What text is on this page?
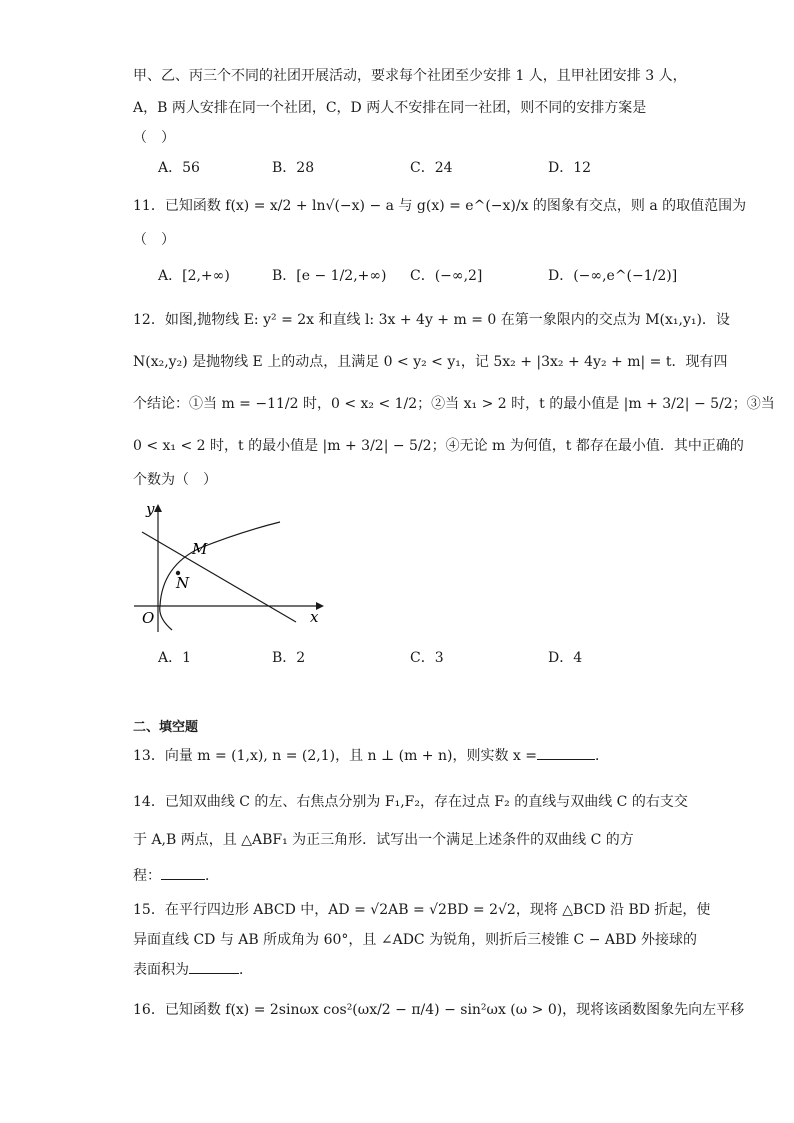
甲、乙、丙三个不同的社团开展活动，要求每个社团至少安排 1 人，且甲社团安排 3 人，
A，B 两人安排在同一个社团，C，D 两人不安排在同一社团，则不同的安排方案是
（　）
A．56	B．28	C．24	D．12
11．已知函数 f(x) = x/2 + ln√(−x) − a 与 g(x) = e^(−x)/x 的图象有交点，则 a 的取值范围为
（　）
A．[2,+∞)	B．[e − 1/2,+∞) C．(−∞,2]	D．(−∞,e^(−1/2)]
12．如图,抛物线 E: y² = 2x 和直线 l: 3x + 4y + m = 0 在第一象限内的交点为 M(x₁,y₁)．设
N(x₂,y₂) 是抛物线 E 上的动点，且满足 0 < y₂ < y₁，记 5x₂ + |3x₂ + 4y₂ + m| = t．现有四
个结论：①当 m = −11/2 时，0 < x₂ < 1/2；②当 x₁ > 2 时，t 的最小值是 |m + 3/2| − 5/2；③当
0 < x₁ < 2 时，t 的最小值是 |m + 3/2| − 5/2；④无论 m 为何值，t 都存在最小值．其中正确的
个数为（　）
y
x
O
M
N
A．1	B．2	C．3	D．4
二、填空题
13．向量 m = (1,x), n = (2,1)，且 n ⊥ (m + n)，则实数 x =	．
14．已知双曲线 C 的左、右焦点分别为 F₁,F₂，存在过点 F₂ 的直线与双曲线 C 的右支交
于 A,B 两点，且 △ABF₁ 为正三角形．试写出一个满足上述条件的双曲线 C 的方
程：	．
15．在平行四边形 ABCD 中，AD = √2AB = √2BD = 2√2，现将 △BCD 沿 BD 折起，使
异面直线 CD 与 AB 所成角为 60°，且 ∠ADC 为锐角，则折后三棱锥 C − ABD 外接球的
表面积为	．
16．已知函数 f(x) = 2sinωx cos²(ωx/2 − π/4) − sin²ωx (ω > 0)，现将该函数图象先向左平移
